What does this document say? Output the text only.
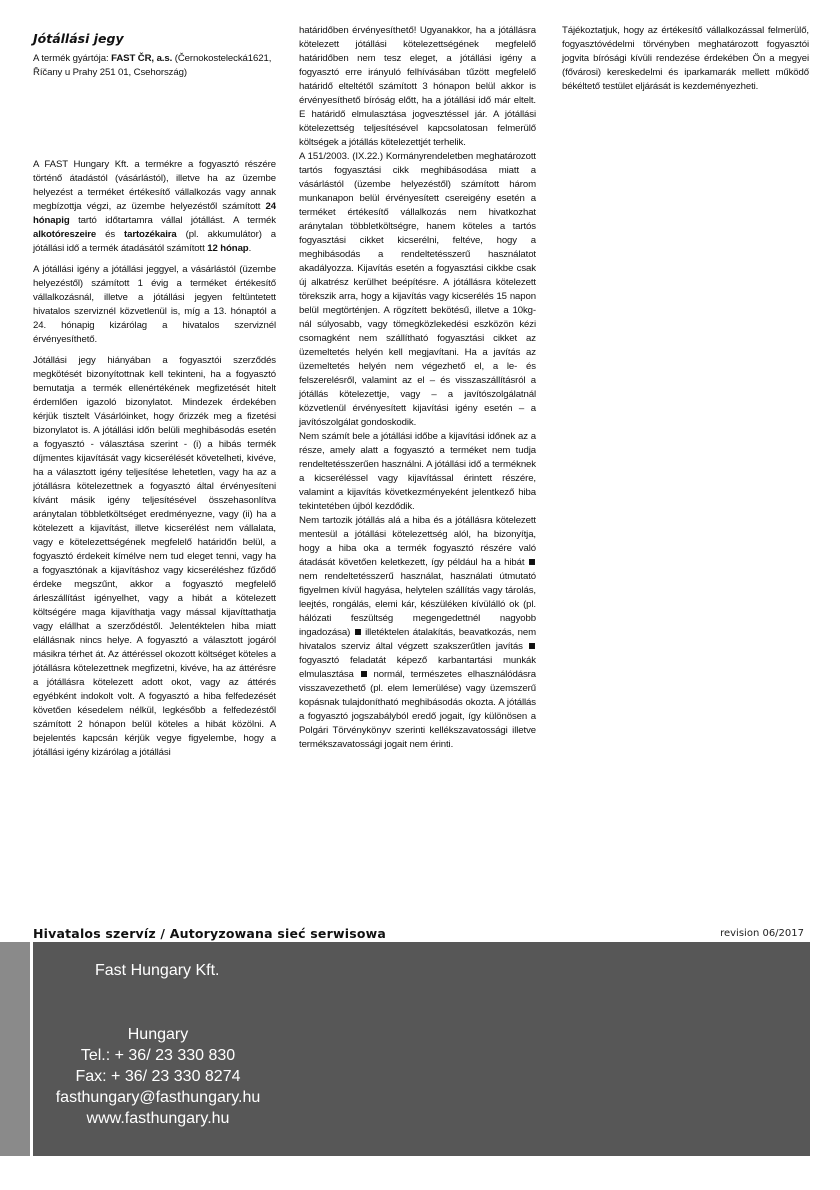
Jótállási jegy

A termék gyártója: FAST ČR, a.s. (Černokostelecká1621, Říčany u Prahy 251 01, Csehország)

A FAST Hungary Kft. a termékre a fogyasztó részére történő átadástól (vásárlástól), illetve ha az üzembe helyezést a terméket értékesítő vállalkozás vagy annak megbízottja végzi, az üzembe helyezéstől számított 24 hónapig tartó időtartamra vállal jótállást. A termék alkotóreszeire és tartozékaira (pl. akkumulátor) a jótállási idő a termék átadásától számított 12 hónap.

A jótállási igény a jótállási jeggyel, a vásárlástól (üzembe helyezéstől) számított 1 évig a terméket értékesítő vállalkozásnál, illetve a jótállási jegyen feltüntetett hivatalos szerviznél közvetlenül is, míg a 13. hónaptól a 24. hónapig kizárólag a hivatalos szerviznél érvényesíthető.

Jótállási jegy hiányában a fogyasztói szerződés megkötését bizonyítottnak kell tekinteni, ha a fogyasztó bemutatja a termék ellenértékének megfizetését hitelt érdemlően igazoló bizonylatot. Mindezek érdekében kérjük tisztelt Vásárlóinket, hogy őrizzék meg a fizetési bizonylatot is. A jótállási időn belüli meghibásodás esetén a fogyasztó - választása szerint - (i) a hibás termék díjmentes kijavítását vagy kicserélését követelheti, kivéve, ha a választott igény teljesítése lehetetlen, vagy ha az a jótállásra kötelezettnek a fogyasztó által érvényesíteni kívánt másik igény teljesítésével összehasonlítva aránytalan többletköltséget eredményezne, vagy (ii) ha a kötelezett a kijavítást, illetve kicserélést nem vállalata, vagy e kötelezettségének megfelelő határidőn belül, a fogyasztó érdekeit kímélve nem tud eleget tenni, vagy ha a fogyasztónak a kijavításhoz vagy kicseréléshez fűződő érdeke megszűnt, akkor a fogyasztó megfelelő árleszállítást igényelhet, vagy a hibát a kötelezett költségére maga kijavíthatja vagy mással kijavíttathatja vagy elállhat a szerződéstől. Jelentéktelen hiba miatt elállásnak nincs helye. A fogyasztó a választott jogáról másikra térhet át. Az áttéréssel okozott költséget köteles a jótállásra kötelezettnek megfizetni, kivéve, ha az áttérésre a jótállásra kötelezett adott okot, vagy az áttérés egyébként indokolt volt. A fogyasztó a hiba felfedezését követően késedelem nélkül, legkésőbb a felfedezéstől számított 2 hónapon belül köteles a hibát közölni. A bejelentés kapcsán kérjük vegye figyelembe, hogy a jótállási igény kizárólag a jótállási

határidőben érvényesíthető! Ugyanakkor, ha a jótállásra kötelezett jótállási kötelezettségének megfelelő határidőben nem tesz eleget, a jótállási igény a fogyasztó erre irányuló felhívásában tűzött megfelelő határidő elteltétől számított 3 hónapon belül akkor is érvényesíthető bíróság előtt, ha a jótállási idő már eltelt. E határidő elmulasztása jogvesztéssel jár. A jótállási kötelezettség teljesítésével kapcsolatosan felmerülő költségek a jótállás kötelezettjét terhelik.

A 151/2003. (IX.22.) Kormányrendeletben meghatározott tartós fogyasztási cikk meghibásodása miatt a vásárlástól (üzembe helyezéstől) számított három munkanapon belül érvényesített csereigény esetén a terméket értékesítő vállalkozás nem hivatkozhat aránytalan többletköltségre, hanem köteles a tartós fogyasztási cikket kicserélni, feltéve, hogy a meghibásodás a rendeltetésszerű használatot akadályozza. Kijavítás esetén a fogyasztási cikkbe csak új alkatrész kerülhet beépítésre. A jótállásra kötelezett törekszik arra, hogy a kijavítás vagy kicserélés 15 napon belül megtörténjen. A rögzített bekötésű, illetve a 10kg-nál súlyosabb, vagy tömegközlekedési eszközön kézi csomagként nem szállítható fogyasztási cikket az üzemeltetés helyén kell megjavítani. Ha a javítás az üzemeltetés helyén nem végezhető el, a le- és felszerelésről, valamint az el – és visszaszállításról a jótállás kötelezettje, vagy – a javítószolgálatnál közvetlenül érvényesített kijavítási igény esetén – a javítószolgálat gondoskodik.

Nem számít bele a jótállási időbe a kijavítási időnek az a része, amely alatt a fogyasztó a terméket nem tudja rendeltetésszerűen használni. A jótállási idő a terméknek a kicseréléssel vagy kijavítással érintett részére, valamint a kijavítás következményeként jelentkező hiba tekintetében újból kezdődik.

Nem tartozik jótállás alá a hiba és a jótállásra kötelezett mentesül a jótállási kötelezettség alól, ha bizonyítja, hogy a hiba oka a termék fogyasztó részére való átadását követően keletkezett, így például ha a hibát  nem rendeltetésszerű használat, használati útmutató figyelmen kívül hagyása, helytelen szállítás vagy tárolás, leejtés, rongálás, elemi kár, készüléken kívülálló ok (pl. hálózati feszültség megengedettnél nagyobb ingadozása) illetéktelen átalakítás, beavatkozás, nem hivatalos szerviz által végzett szakszerűtlen javítás  fogyasztó feladatát képező karbantartási munkák elmulasztása normál, természetes elhasználódásra visszavezethető (pl. elem lemerülése) vagy üzemszerű kopásnak tulajdonítható meghibásodás okozta. A jótállás a fogyasztó jogszabályból eredő jogait, így különösen a Polgári Törvénykönyv szerinti kellékszavatossági illetve termékszavatossági jogait nem érinti.

Tájékoztatjuk, hogy az értékesítő vállalkozással felmerülő, fogyasztóvédelmi törvényben meghatározott fogyasztói jogvita bírósági kívüli rendezése érdekében Ön a megyei (fővárosi) kereskedelmi és iparkamarák mellett működő békéltető testület eljárását is kezdeményezheti.

Hivatalos szervíz / Autoryzowana sieć serwisowa	revision 06/2017
Fast Hungary Kft.
Hungary
Tel.: + 36/ 23 330 830
Fax: + 36/ 23 330 8274
fasthungary@fasthungary.hu
www.fasthungary.hu
